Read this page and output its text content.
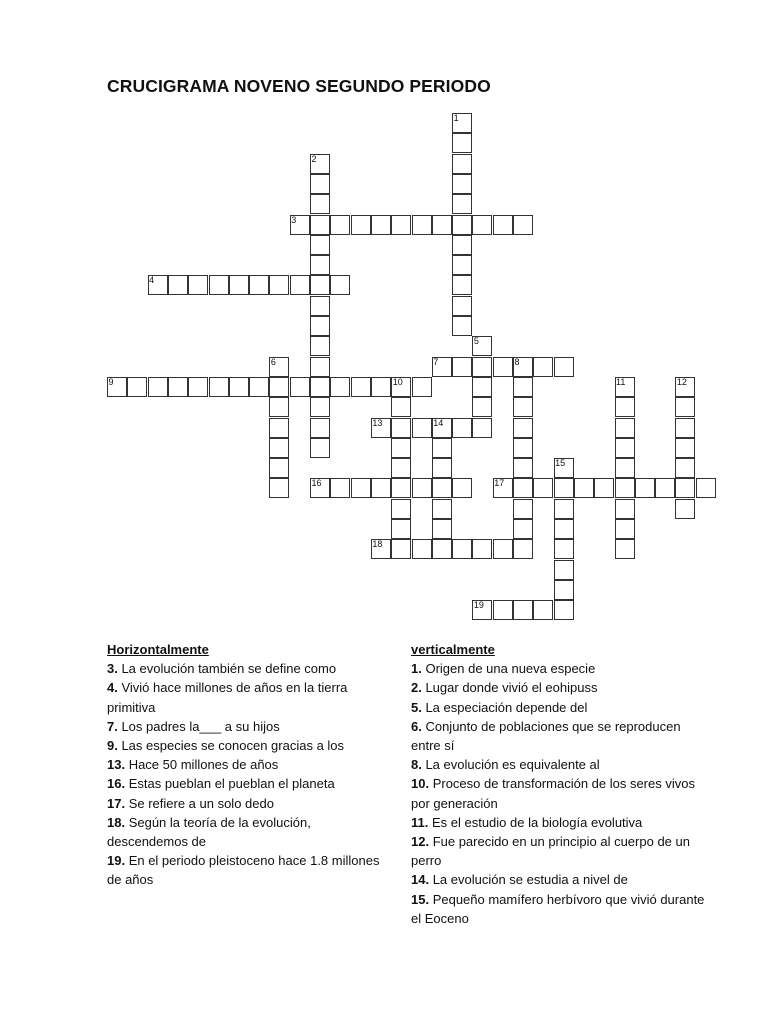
CRUCIGRAMA NOVENO SEGUNDO PERIODO
1
2
3
4
5
6	7	8
9	10	11	12
13	14
15
16	17
18
19
Horizontalmente
3. La evolución también se define como
4. Vivió hace millones de años en la tierra primitiva
7. Los padres la___ a su hijos
9. Las especies se conocen gracias a los
13. Hace 50 millones de años
16. Estas pueblan el pueblan el planeta
17. Se refiere a un solo dedo
18. Según la teoría de la evolución, descendemos de
19. En el periodo pleistoceno hace 1.8 millones de años
verticalmente
1. Origen de una nueva especie
2. Lugar donde vivió el eohipuss
5. La especiación depende del
6. Conjunto de poblaciones que se reproducen entre sí
8. La evolución es equivalente al
10. Proceso de transformación de los seres vivos por generación
11. Es el estudio de la biología evolutiva
12. Fue parecido en un principio al cuerpo de un perro
14. La evolución se estudia a nivel de
15. Pequeño mamífero herbívoro que vivió durante el Eoceno
